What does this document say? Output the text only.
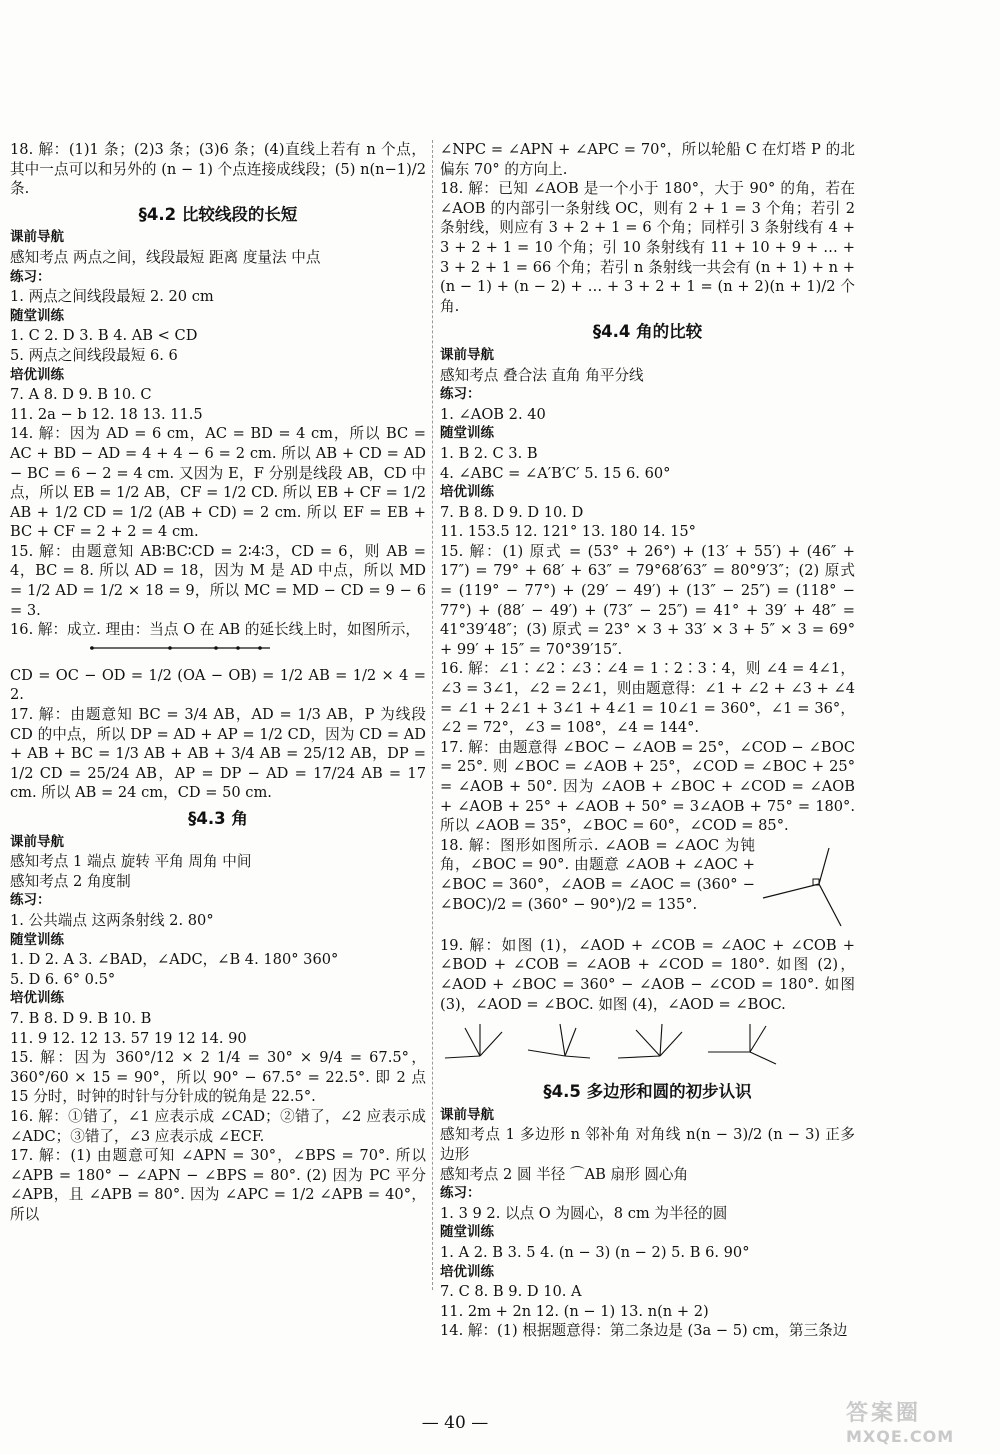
18. 解：(1)1 条；(2)3 条；(3)6 条；(4)直线上若有 n 个点，其中一点可以和另外的 (n − 1) 个点连接成线段；(5) n(n−1)/2 条.
§4.2 比较线段的长短
课前导航
感知考点 两点之间，线段最短 距离 度量法 中点
练习：
1. 两点之间线段最短 2. 20 cm
随堂训练
1. C 2. D 3. B 4. AB < CD
5. 两点之间线段最短 6. 6
培优训练
7. A 8. D 9. B 10. C
11. 2a − b 12. 18 13. 11.5
14. 解：因为 AD = 6 cm，AC = BD = 4 cm，所以 BC = AC + BD − AD = 4 + 4 − 6 = 2 cm. 所以 AB + CD = AD − BC = 6 − 2 = 4 cm. 又因为 E，F 分别是线段 AB，CD 中点，所以 EB = 1/2 AB，CF = 1/2 CD. 所以 EB + CF = 1/2 AB + 1/2 CD = 1/2 (AB + CD) = 2 cm. 所以 EF = EB + BC + CF = 2 + 2 = 4 cm.
15. 解：由题意知 AB∶BC∶CD = 2∶4∶3，CD = 6，则 AB = 4，BC = 8. 所以 AD = 18，因为 M 是 AD 中点，所以 MD = 1/2 AD = 1/2 × 18 = 9，所以 MC = MD − CD = 9 − 6 = 3.
16. 解：成立. 理由：当点 O 在 AB 的延长线上时，如图所示，
CD = OC − OD = 1/2 (OA − OB) = 1/2 AB = 1/2 × 4 = 2.
17. 解：由题意知 BC = 3/4 AB，AD = 1/3 AB，P 为线段 CD 的中点，所以 DP = AD + AP = 1/2 CD，因为 CD = AD + AB + BC = 1/3 AB + AB + 3/4 AB = 25/12 AB，DP = 1/2 CD = 25/24 AB，AP = DP − AD = 17/24 AB = 17 cm. 所以 AB = 24 cm，CD = 50 cm.
§4.3 角
课前导航
感知考点 1 端点 旋转 平角 周角 中间
感知考点 2 角度制
练习：
1. 公共端点 这两条射线 2. 80°
随堂训练
1. D 2. A 3. ∠BAD，∠ADC，∠B 4. 180° 360°
5. D 6. 6° 0.5°
培优训练
7. B 8. D 9. B 10. B
11. 9 12. 12 13. 57 19 12 14. 90
15. 解：因为 360°/12 × 2 1/4 = 30° × 9/4 = 67.5°，360°/60 × 15 = 90°，所以 90° − 67.5° = 22.5°. 即 2 点 15 分时，时钟的时针与分针成的锐角是 22.5°.
16. 解：①错了，∠1 应表示成 ∠CAD；②错了，∠2 应表示成 ∠ADC；③错了，∠3 应表示成 ∠ECF.
17. 解：(1) 由题意可知 ∠APN = 30°，∠BPS = 70°. 所以 ∠APB = 180° − ∠APN − ∠BPS = 80°. (2) 因为 PC 平分 ∠APB，且 ∠APB = 80°. 因为 ∠APC = 1/2 ∠APB = 40°，所以
∠NPC = ∠APN + ∠APC = 70°，所以轮船 C 在灯塔 P 的北偏东 70° 的方向上.
18. 解：已知 ∠AOB 是一个小于 180°，大于 90° 的角，若在 ∠AOB 的内部引一条射线 OC，则有 2 + 1 = 3 个角；若引 2 条射线，则应有 3 + 2 + 1 = 6 个角；同样引 3 条射线有 4 + 3 + 2 + 1 = 10 个角；引 10 条射线有 11 + 10 + 9 + … + 3 + 2 + 1 = 66 个角；若引 n 条射线一共会有 (n + 1) + n + (n − 1) + (n − 2) + … + 3 + 2 + 1 = (n + 2)(n + 1)/2 个角.
§4.4 角的比较
课前导航
感知考点 叠合法 直角 角平分线
练习：
1. ∠AOB 2. 40
随堂训练
1. B 2. C 3. B
4. ∠ABC = ∠A′B′C′ 5. 15 6. 60°
培优训练
7. B 8. D 9. D 10. D
11. 153.5 12. 121° 13. 180 14. 15°
15. 解：(1) 原式 = (53° + 26°) + (13′ + 55′) + (46″ + 17″) = 79° + 68′ + 63″ = 79°68′63″ = 80°9′3″；(2) 原式 = (119° − 77°) + (29′ − 49′) + (13″ − 25″) = (118° − 77°) + (88′ − 49′) + (73″ − 25″) = 41° + 39′ + 48″ = 41°39′48″；(3) 原式 = 23° × 3 + 33′ × 3 + 5″ × 3 = 69° + 99′ + 15″ = 70°39′15″.
16. 解：∠1∶∠2∶∠3∶∠4 = 1∶2∶3∶4，则 ∠4 = 4∠1，∠3 = 3∠1，∠2 = 2∠1，则由题意得：∠1 + ∠2 + ∠3 + ∠4 = ∠1 + 2∠1 + 3∠1 + 4∠1 = 10∠1 = 360°，∠1 = 36°，∠2 = 72°，∠3 = 108°，∠4 = 144°.
17. 解：由题意得 ∠BOC − ∠AOB = 25°，∠COD − ∠BOC = 25°. 则 ∠BOC = ∠AOB + 25°，∠COD = ∠BOC + 25° = ∠AOB + 50°. 因为 ∠AOB + ∠BOC + ∠COD = ∠AOB + ∠AOB + 25° + ∠AOB + 50° = 3∠AOB + 75° = 180°. 所以 ∠AOB = 35°，∠BOC = 60°，∠COD = 85°.
18. 解：图形如图所示. ∠AOB = ∠AOC 为钝角，∠BOC = 90°. 由题意 ∠AOB + ∠AOC + ∠BOC = 360°，∠AOB = ∠AOC = (360° − ∠BOC)/2 = (360° − 90°)/2 = 135°.
19. 解：如图 (1)，∠AOD + ∠COB = ∠AOC + ∠COB + ∠BOD + ∠COB = ∠AOB + ∠COD = 180°. 如图 (2)，∠AOD + ∠BOC = 360° − ∠AOB − ∠COD = 180°. 如图 (3)，∠AOD = ∠BOC. 如图 (4)，∠AOD = ∠BOC.
§4.5 多边形和圆的初步认识
课前导航
感知考点 1 多边形 n 邻补角 对角线 n(n − 3)/2 (n − 3) 正多边形
感知考点 2 圆 半径 ⌒AB 扇形 圆心角
练习：
1. 3 9 2. 以点 O 为圆心，8 cm 为半径的圆
随堂训练
1. A 2. B 3. 5 4. (n − 3) (n − 2) 5. B 6. 90°
培优训练
7. C 8. B 9. D 10. A
11. 2m + 2n 12. (n − 1) 13. n(n + 2)
14. 解：(1) 根据题意得：第二条边是 (3a − 5) cm，第三条边
— 40 —	答案圈
MXQE.COM
